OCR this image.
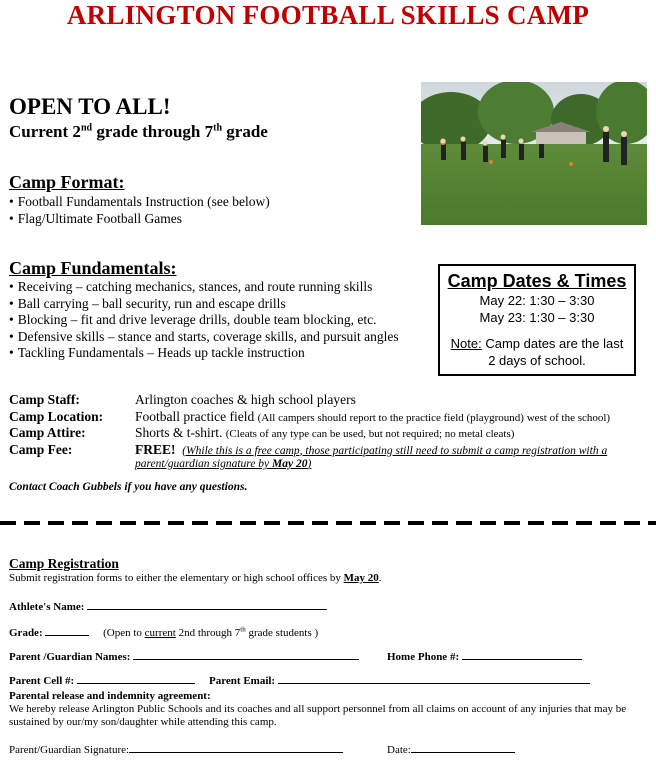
ARLINGTON FOOTBALL SKILLS CAMP
OPEN TO ALL!
Current 2nd grade through 7th grade
Camp Format:
• Football Fundamentals Instruction (see below)
• Flag/Ultimate Football Games
Camp Fundamentals:
• Receiving – catching mechanics, stances, and route running skills
• Ball carrying – ball security, run and escape drills
• Blocking – fit and drive leverage drills, double team blocking, etc.
• Defensive skills – stance and starts, coverage skills, and pursuit angles
• Tackling Fundamentals – Heads up tackle instruction
Camp Dates & Times
May 22: 1:30 – 3:30
May 23: 1:30 – 3:30
Note: Camp dates are the last
2 days of school.
Camp Staff:	Arlington coaches & high school players
Camp Location: Football practice field (All campers should report to the practice field (playground) west of the school)
Camp Attire:	Shorts & t-shirt. (Cleats of any type can be used, but not required; no metal cleats)
Camp Fee:	FREE! (While this is a free camp, those participating still need to submit a camp registration with a
parent/guardian signature by May 20)
Contact Coach Gubbels if you have any questions.
Camp Registration
Submit registration forms to either the elementary or high school offices by May 20.
Athlete's Name:
Grade:	(Open to current 2nd through 7th grade students )
Parent /Guardian Names:	Home Phone #:
Parent Cell #:	Parent Email:
Parental release and indemnity agreement:
We hereby release Arlington Public Schools and its coaches and all support personnel from all claims on account of any injuries that may be
sustained by our/my son/daughter while attending this camp.
Parent/Guardian Signature:	Date:
